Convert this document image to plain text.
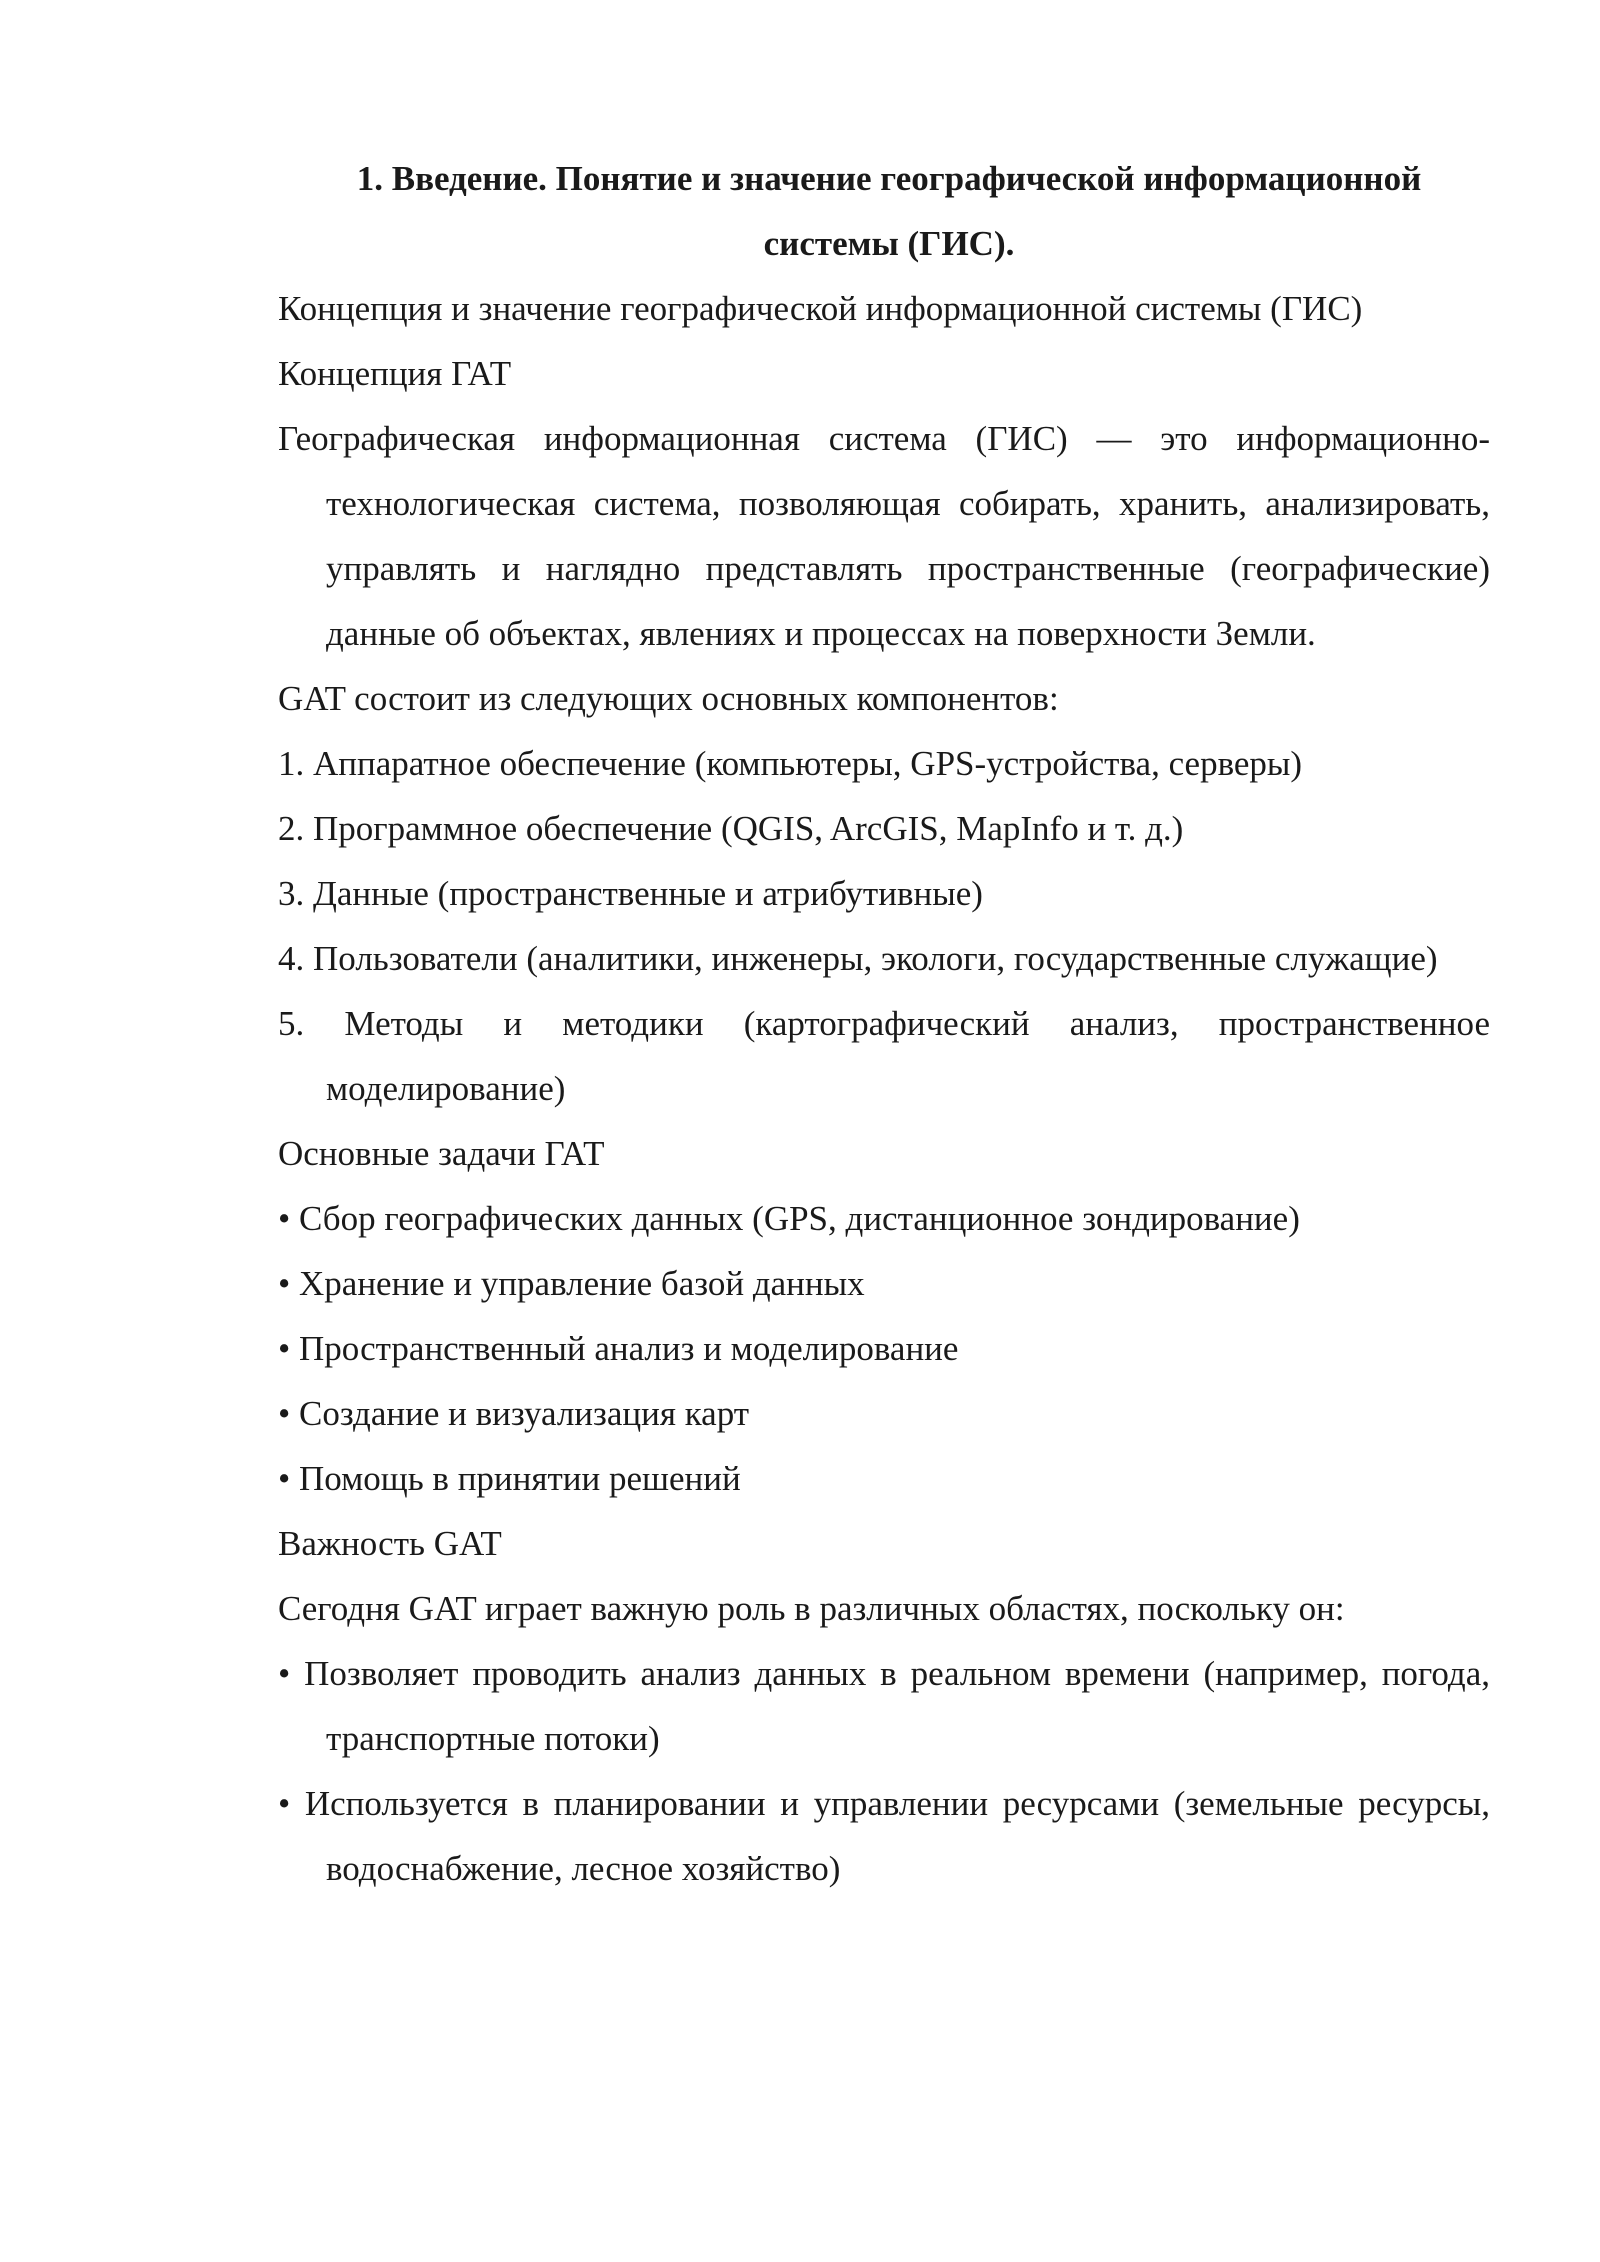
1. Введение. Понятие и значение географической информационной системы (ГИС).

Концепция и значение географической информационной системы (ГИС)

Концепция ГАТ

Географическая информационная система (ГИС) — это информационно-технологическая система, позволяющая собирать, хранить, анализировать, управлять и наглядно представлять пространственные (географические) данные об объектах, явлениях и процессах на поверхности Земли.

GAT состоит из следующих основных компонентов:

1. Аппаратное обеспечение (компьютеры, GPS-устройства, серверы)

2. Программное обеспечение (QGIS, ArcGIS, MapInfo и т. д.)

3. Данные (пространственные и атрибутивные)

4. Пользователи (аналитики, инженеры, экологи, государственные служащие)

5. Методы и методики (картографический анализ, пространственное моделирование)

Основные задачи ГАТ

• Сбор географических данных (GPS, дистанционное зондирование)

• Хранение и управление базой данных

• Пространственный анализ и моделирование

• Создание и визуализация карт

• Помощь в принятии решений

Важность GAT

Сегодня GAT играет важную роль в различных областях, поскольку он:

• Позволяет проводить анализ данных в реальном времени (например, погода, транспортные потоки)

• Используется в планировании и управлении ресурсами (земельные ресурсы, водоснабжение, лесное хозяйство)
